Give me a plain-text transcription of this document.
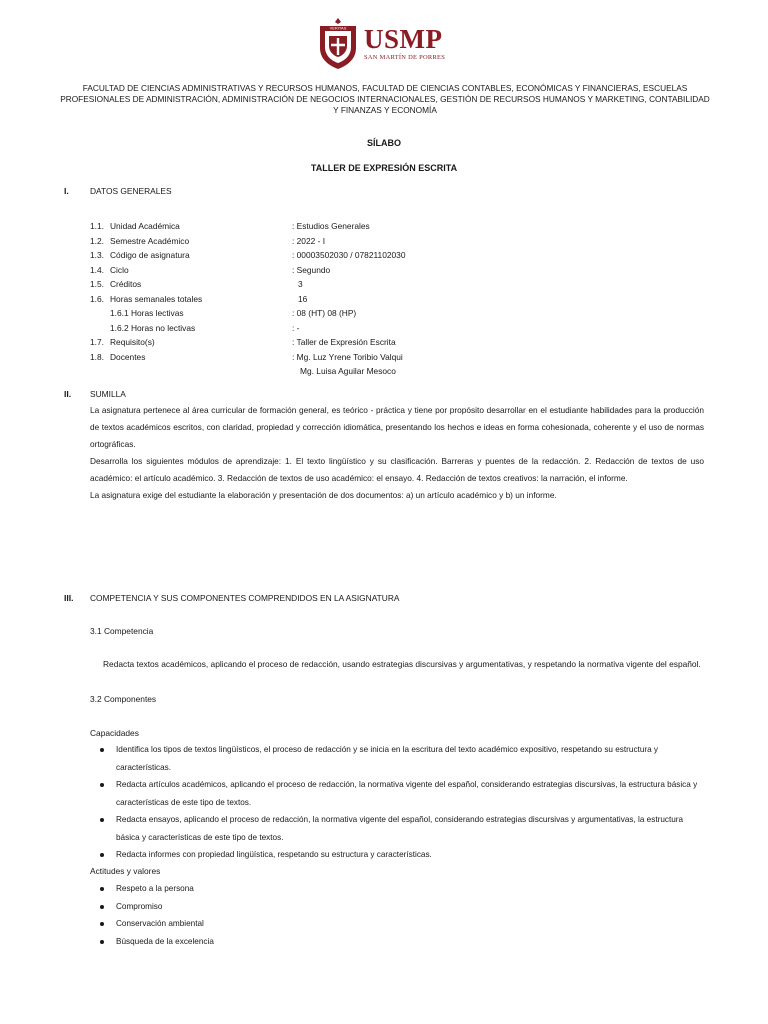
VERITAS USMP
SAN MARTÍN DE PORRES
FACULTAD DE CIENCIAS ADMINISTRATIVAS Y RECURSOS HUMANOS, FACULTAD DE CIENCIAS CONTABLES, ECONÓMICAS Y FINANCIERAS, ESCUELAS PROFESIONALES DE ADMINISTRACIÓN, ADMINISTRACIÓN DE NEGOCIOS INTERNACIONALES, GESTIÓN DE RECURSOS HUMANOS Y MARKETING, CONTABILIDAD Y FINANZAS Y ECONOMÍA
SÍLABO
TALLER DE EXPRESIÓN ESCRITA
I.	DATOS GENERALES
1.1. Unidad Académica	: Estudios Generales
1.2. Semestre Académico	: 2022 - I
1.3. Código de asignatura	: 00003502030 / 07821102030
1.4. Ciclo	: Segundo
1.5. Créditos	3
1.6. Horas semanales totales	16
1.6.1 Horas lectivas	: 08 (HT) 08 (HP)
1.6.2 Horas no lectivas	: -
1.7. Requisito(s)	: Taller de Expresión Escrita
1.8. Docentes	: Mg. Luz Yrene Toribio Valqui
Mg. Luisa Aguilar Mesoco
II. SUMILLA

La asignatura pertenece al área curricular de formación general, es teórico - práctica y tiene por propósito desarrollar en el estudiante habilidades para la producción de textos académicos escritos, con claridad, propiedad y corrección idiomática, presentando los hechos e ideas en forma cohesionada, coherente y el uso de normas ortográficas.

Desarrolla los siguientes módulos de aprendizaje: 1. El texto lingüístico y su clasificación. Barreras y puentes de la redacción. 2. Redacción de textos de uso académico: el artículo académico. 3. Redacción de textos de uso académico: el ensayo. 4. Redacción de textos creativos: la narración, el informe.

La asignatura exige del estudiante la elaboración y presentación de dos documentos: a) un artículo académico y b) un informe.

III. COMPETENCIA Y SUS COMPONENTES COMPRENDIDOS EN LA ASIGNATURA
3.1 Competencia
Redacta textos académicos, aplicando el proceso de redacción, usando estrategias discursivas y argumentativas, y respetando la normativa vigente del español.
3.2 Componentes
Capacidades
Identifica los tipos de textos lingüísticos, el proceso de redacción y se inicia en la escritura del texto académico expositivo, respetando su estructura y características.
Redacta artículos académicos, aplicando el proceso de redacción, la normativa vigente del español, considerando estrategias discursivas, la estructura básica y características de este tipo de textos.
Redacta ensayos, aplicando el proceso de redacción, la normativa vigente del español, considerando estrategias discursivas y argumentativas, la estructura básica y características de este tipo de textos.
Redacta informes con propiedad lingüística, respetando su estructura y características.
Actitudes y valores
Respeto a la persona
Compromiso
Conservación ambiental
Búsqueda de la excelencia
